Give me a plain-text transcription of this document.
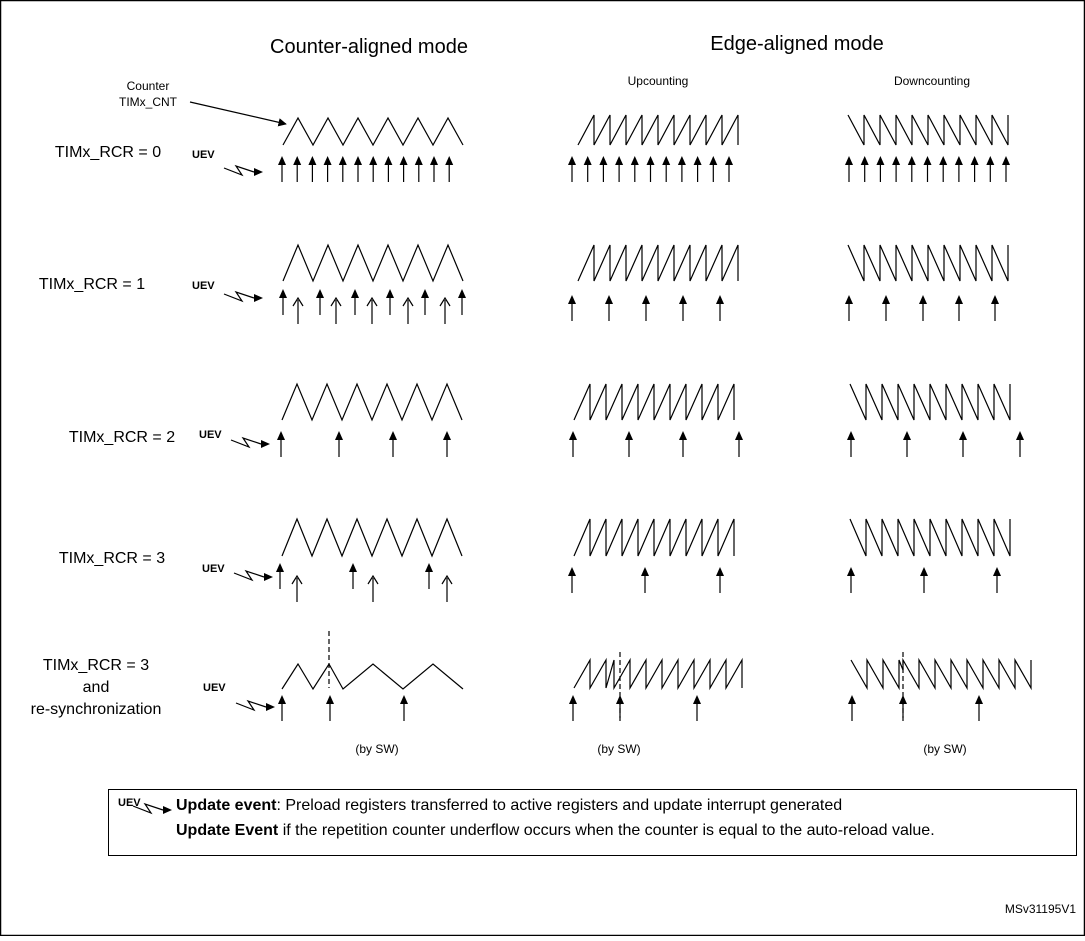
Counter-aligned mode	Edge-aligned mode
Upcounting	Downcounting
Counter
TIMx_CNT
TIMx_RCR = 0
TIMx_RCR = 1
TIMx_RCR = 2
TIMx_RCR = 3
TIMx_RCR = 3
and
re-synchronization
UEV
UEV
UEV
UEV
UEV
(by SW)	(by SW)	(by SW)
UEV Update event: Preload registers transferred to active registers and update interrupt generated
Update Event if the repetition counter underflow occurs when the counter is equal to the auto-reload value.
MSv31195V1
